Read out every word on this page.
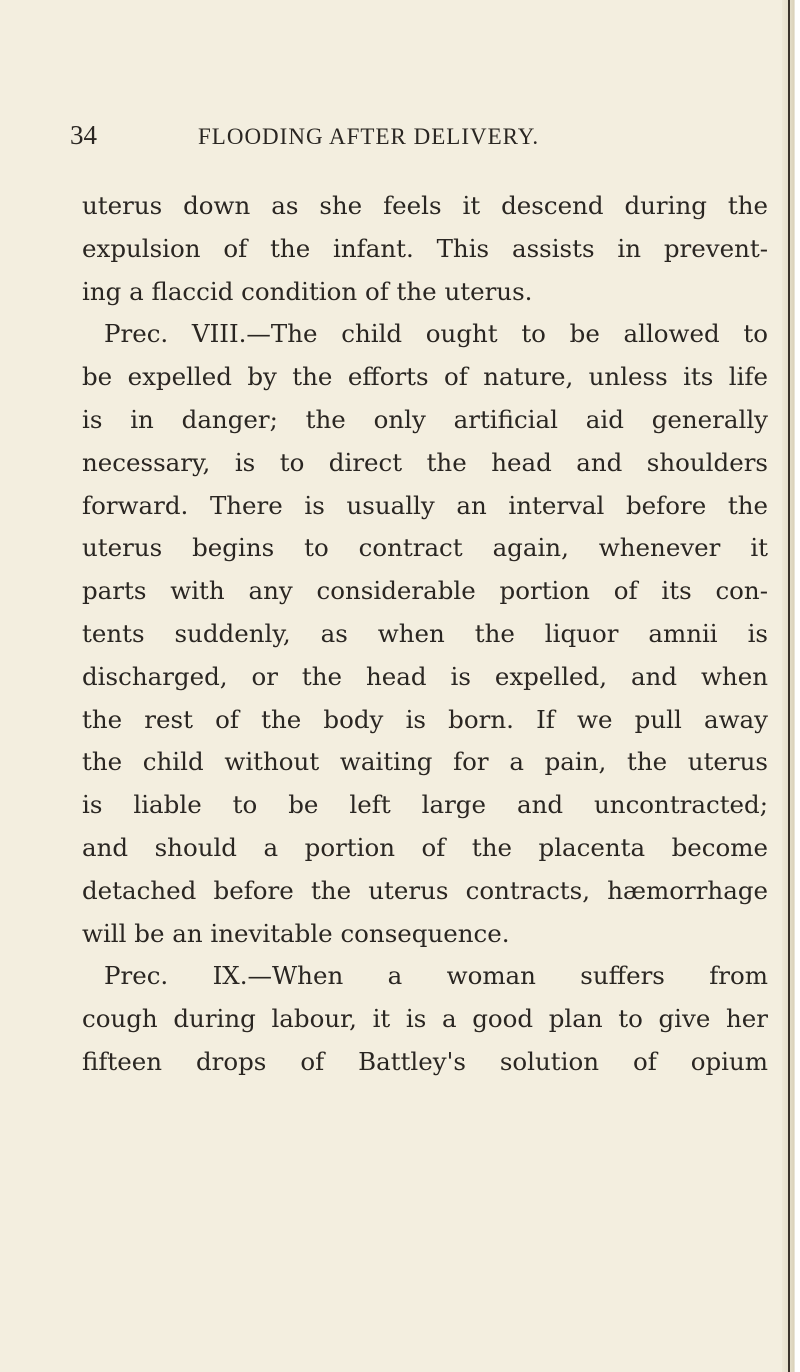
34	FLOODING AFTER DELIVERY.
uterus down as she feels it descend during the
expulsion of the infant. This assists in prevent-
ing a flaccid condition of the uterus.
Prec. VIII.—The child ought to be allowed to
be expelled by the efforts of nature, unless its life
is in danger; the only artificial aid generally
necessary, is to direct the head and shoulders
forward. There is usually an interval before the
uterus begins to contract again, whenever it
parts with any considerable portion of its con-
tents suddenly, as when the liquor amnii is
discharged, or the head is expelled, and when
the rest of the body is born. If we pull away
the child without waiting for a pain, the uterus
is liable to be left large and uncontracted;
and should a portion of the placenta become
detached before the uterus contracts, hæmorrhage
will be an inevitable consequence.
Prec. IX.—When a woman suffers from
cough during labour, it is a good plan to give her
fifteen drops of Battley's solution of opium
